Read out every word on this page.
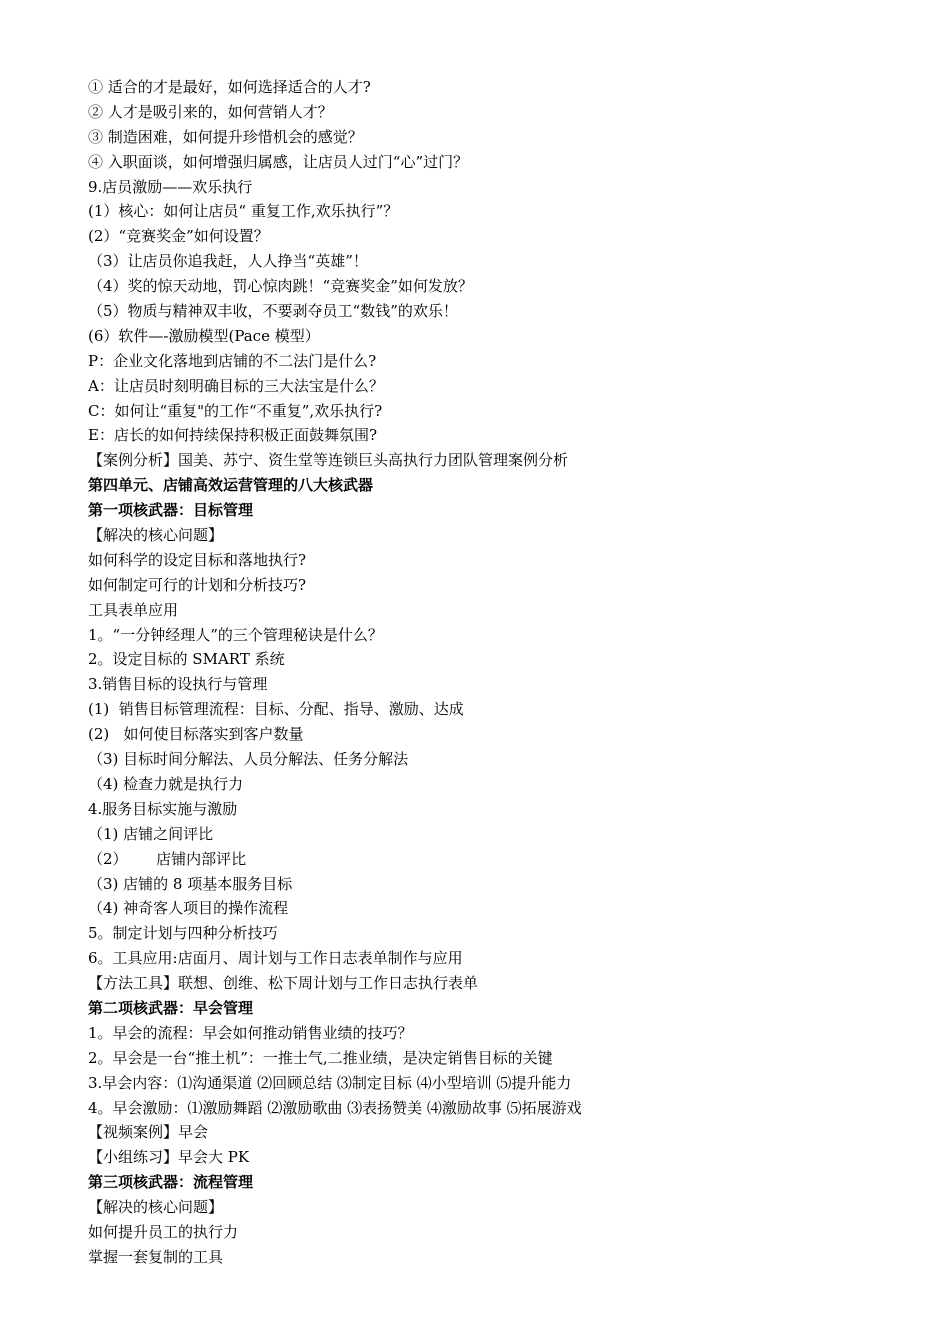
① 适合的才是最好，如何选择适合的人才?
② 人才是吸引来的，如何营销人才？
③ 制造困难，如何提升珍惜机会的感觉？
④ 入职面谈，如何增强归属感，让店员人过门“心”过门？
9.店员激励——欢乐执行
(1）核心：如何让店员“ 重复工作,欢乐执行”？
(2）“竞赛奖金”如何设置？
（3）让店员你追我赶，人人挣当“英雄”！
（4）奖的惊天动地，罚心惊肉跳！“竞赛奖金”如何发放？
（5）物质与精神双丰收，不要剥夺员工“数钱”的欢乐！
(6）软件—-激励模型(Pace 模型）
P：企业文化落地到店铺的不二法门是什么?
A：让店员时刻明确目标的三大法宝是什么？
C：如何让“重复"的工作“不重复”,欢乐执行?
E：店长的如何持续保持积极正面鼓舞氛围?
【案例分析】国美、苏宁、资生堂等连锁巨头高执行力团队管理案例分析
第四单元、店铺高效运营管理的八大核武器
第一项核武器：目标管理
【解决的核心问题】
如何科学的设定目标和落地执行?
如何制定可行的计划和分析技巧?
工具表单应用
1。“一分钟经理人”的三个管理秘诀是什么？
2。设定目标的 SMART 系统
3.销售目标的设执行与管理
(1)  销售目标管理流程：目标、分配、指导、激励、达成
(2)   如何使目标落实到客户数量
（3) 目标时间分解法、人员分解法、任务分解法
（4) 检查力就是执行力
4.服务目标实施与激励
（1) 店铺之间评比
（2）      店铺内部评比
（3) 店铺的 8 项基本服务目标
（4) 神奇客人项目的操作流程
5。制定计划与四种分析技巧
6。工具应用:店面月、周计划与工作日志表单制作与应用
【方法工具】联想、创维、松下周计划与工作日志执行表单
第二项核武器：早会管理
1。早会的流程：早会如何推动销售业绩的技巧？
2。早会是一台“推土机”：一推士气,二推业绩，是决定销售目标的关键
3.早会内容：⑴沟通渠道 ⑵回顾总结 ⑶制定目标 ⑷小型培训 ⑸提升能力
4。早会激励：⑴激励舞蹈 ⑵激励歌曲 ⑶表扬赞美 ⑷激励故事 ⑸拓展游戏
【视频案例】早会
【小组练习】早会大 PK
第三项核武器：流程管理
【解决的核心问题】
如何提升员工的执行力
掌握一套复制的工具
